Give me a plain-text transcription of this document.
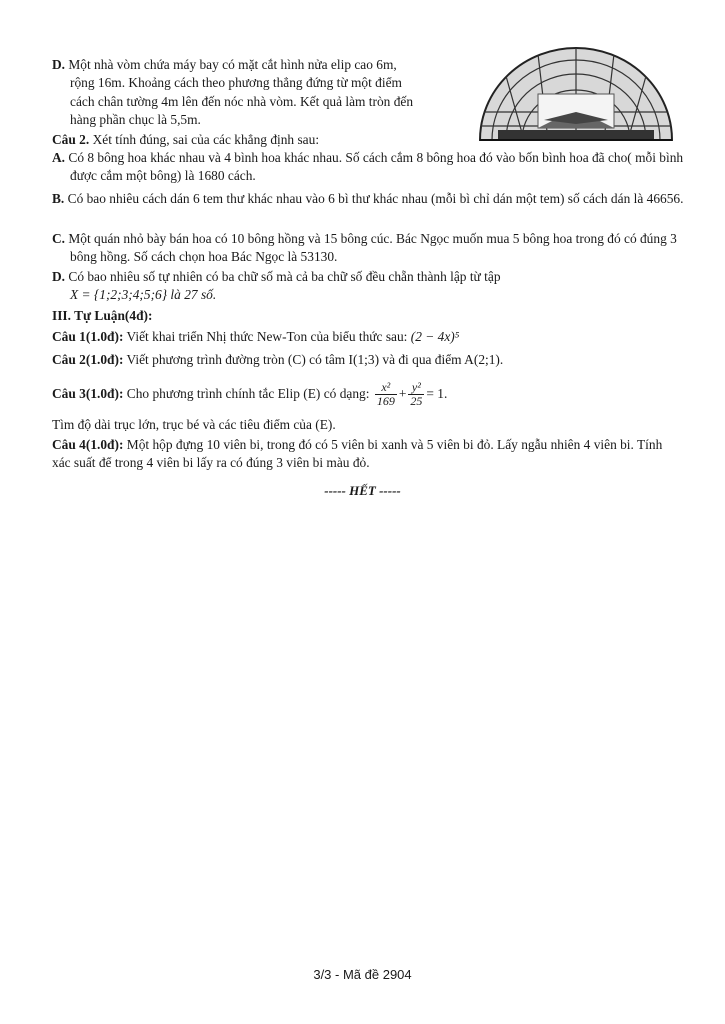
D. Một nhà vòm chứa máy bay có mặt cắt hình nửa elip cao 6m,
rộng 16m. Khoảng cách theo phương thẳng đứng từ một điểm
cách chân tường 4m lên đến nóc nhà vòm. Kết quả làm tròn đến
hàng phần chục là 5,5m.

Câu 2. Xét tính đúng, sai của các khẳng định sau:

A. Có 8 bông hoa khác nhau và 4 bình hoa khác nhau. Số cách cắm 8 bông hoa đó vào bốn bình hoa đã cho( mỗi bình được cắm một bông) là 1680 cách.

B. Có bao nhiêu cách dán 6 tem thư khác nhau vào 6 bì thư khác nhau (mỗi bì chỉ dán một tem) số cách dán là 46656.

C. Một quán nhỏ bày bán hoa có 10 bông hồng và 15 bông cúc. Bác Ngọc muốn mua 5 bông hoa trong đó có đúng 3 bông hồng. Số cách chọn hoa Bác Ngọc là 53130.

D. Có bao nhiêu số tự nhiên có ba chữ số mà cả ba chữ số đều chẵn thành lập từ tập
X = {1;2;3;4;5;6} là 27 số.

III. Tự Luận(4đ):

Câu 1(1.0đ): Viết khai triển Nhị thức New-Ton của biểu thức sau: (2 − 4x)⁵

Câu 2(1.0đ): Viết phương trình đường tròn (C) có tâm I(1;3) và đi qua điểm A(2;1).

Câu 3(1.0đ): Cho phương trình chính tắc Elip (E) có dạng: $\frac{\text{x²}}{169} + \frac{\text{y²}}{25} = 1$.

Tìm độ dài trục lớn, trục bé và các tiêu điểm của (E).

Câu 4(1.0đ): Một hộp đựng 10 viên bi, trong đó có 5 viên bi xanh và 5 viên bi đỏ. Lấy ngẫu nhiên 4 viên bi. Tính xác suất để trong 4 viên bi lấy ra có đúng 3 viên bi màu đỏ.

----- HẾT -----
3/3 - Mã đề 2904
